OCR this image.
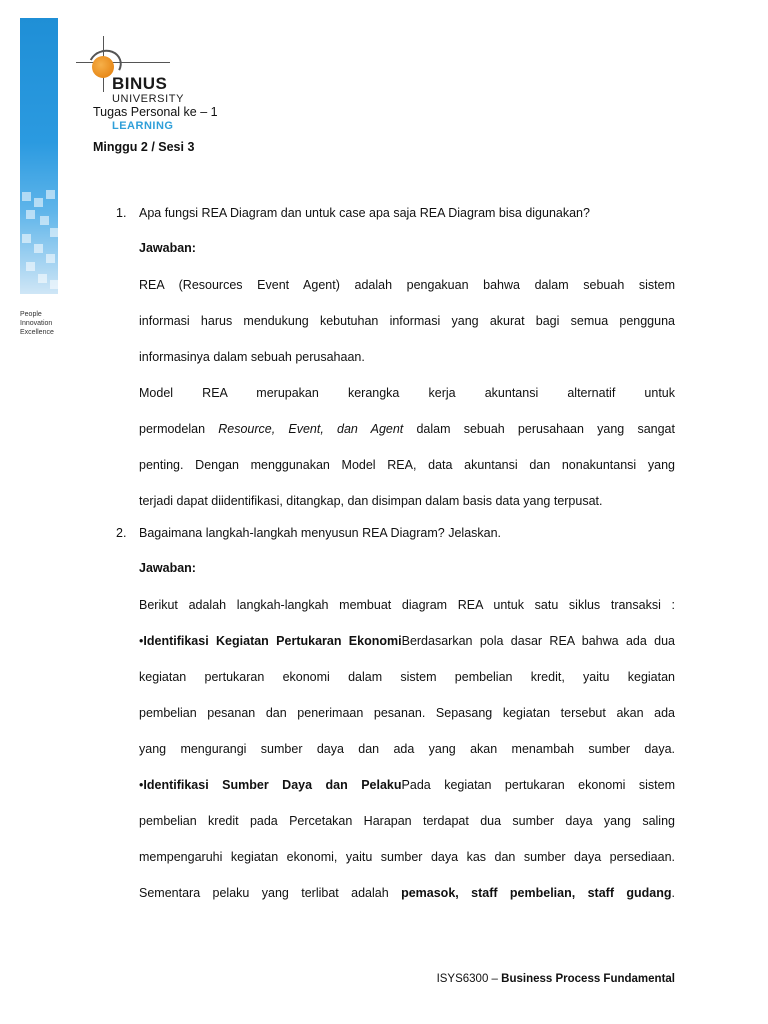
People
Innovation
Excellence
BINUS
UNIVERSITY
LEARNING
Tugas Personal ke – 1
Minggu 2 / Sesi 3
1. Apa fungsi REA Diagram dan untuk case apa saja REA Diagram bisa digunakan?
Jawaban:
REA (Resources Event Agent) adalah pengakuan bahwa dalam sebuah sistem
informasi harus mendukung kebutuhan informasi yang akurat bagi semua pengguna
informasinya dalam sebuah perusahaan.
Model REA merupakan kerangka kerja akuntansi alternatif untuk
permodelan Resource, Event, dan Agent dalam sebuah perusahaan yang sangat
penting. Dengan menggunakan Model REA, data akuntansi dan nonakuntansi yang
terjadi dapat diidentifikasi, ditangkap, dan disimpan dalam basis data yang terpusat.
2. Bagaimana langkah-langkah menyusun REA Diagram? Jelaskan.
Jawaban:
Berikut adalah langkah-langkah membuat diagram REA untuk satu siklus transaksi :
•Identifikasi Kegiatan Pertukaran EkonomiBerdasarkan pola dasar REA bahwa ada dua
kegiatan pertukaran ekonomi dalam sistem pembelian kredit, yaitu kegiatan
pembelian pesanan dan penerimaan pesanan. Sepasang kegiatan tersebut akan ada
yang mengurangi sumber daya dan ada yang akan menambah sumber daya.
•Identifikasi Sumber Daya dan PelakuPada kegiatan pertukaran ekonomi sistem
pembelian kredit pada Percetakan Harapan terdapat dua sumber daya yang saling
mempengaruhi kegiatan ekonomi, yaitu sumber daya kas dan sumber daya persediaan.
Sementara pelaku yang terlibat adalah pemasok, staff pembelian, staff gudang.
ISYS6300 – Business Process Fundamental
